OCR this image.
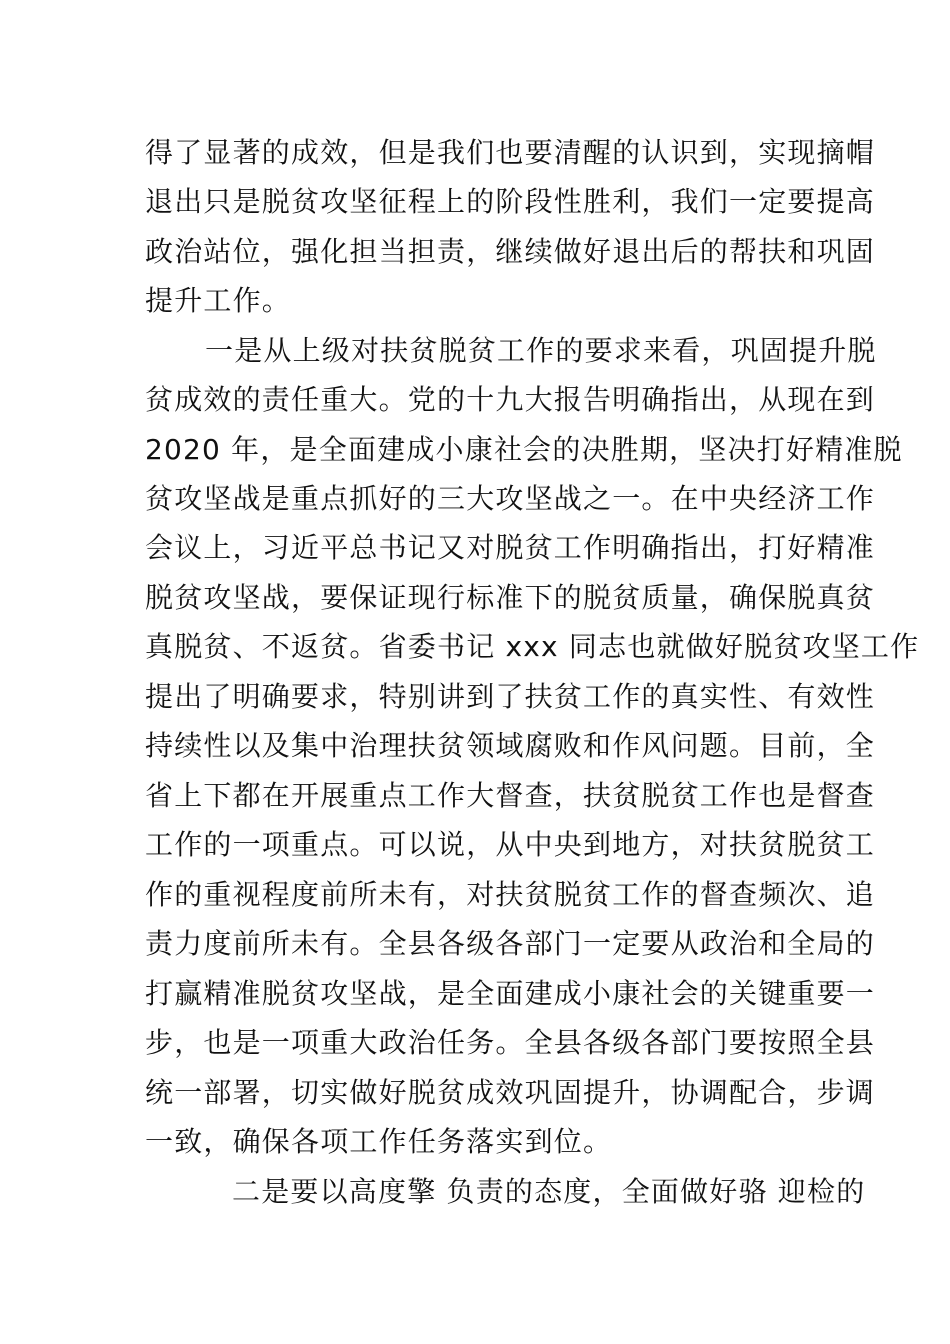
得了显著的成效，但是我们也要清醒的认识到，实现摘帽
退出只是脱贫攻坚征程上的阶段性胜利，我们一定要提高
政治站位，强化担当担责，继续做好退出后的帮扶和巩固
提升工作。
一是从上级对扶贫脱贫工作的要求来看，巩固提升脱
贫成效的责任重大。党的十九大报告明确指出，从现在到
2020 年，是全面建成小康社会的决胜期，坚决打好精准脱
贫攻坚战是重点抓好的三大攻坚战之一。在中央经济工作
会议上，习近平总书记又对脱贫工作明确指出，打好精准
脱贫攻坚战，要保证现行标准下的脱贫质量，确保脱真贫
真脱贫、不返贫。省委书记 xxx 同志也就做好脱贫攻坚工作
提出了明确要求，特别讲到了扶贫工作的真实性、有效性
持续性以及集中治理扶贫领域腐败和作风问题。目前，全
省上下都在开展重点工作大督查，扶贫脱贫工作也是督查
工作的一项重点。可以说，从中央到地方，对扶贫脱贫工
作的重视程度前所未有，对扶贫脱贫工作的督查频次、追
责力度前所未有。全县各级各部门一定要从政治和全局的
打赢精准脱贫攻坚战，是全面建成小康社会的关键重要一
步，也是一项重大政治任务。全县各级各部门要按照全县
统一部署，切实做好脱贫成效巩固提升，协调配合，步调
一致，确保各项工作任务落实到位。
二是要以高度擎 负责的态度，全面做好骆 迎检的
